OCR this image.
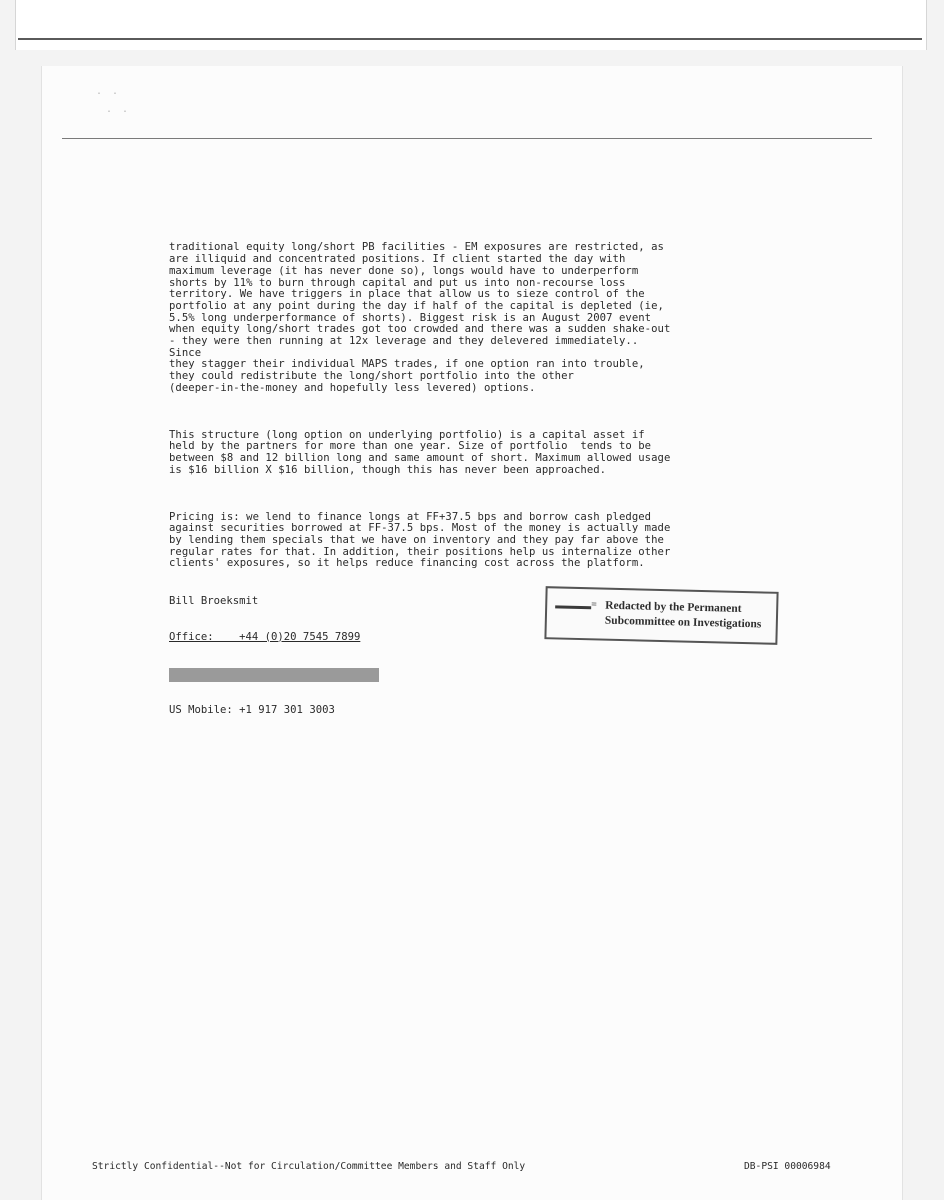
. .
. .

traditional equity long/short PB facilities - EM exposures are restricted, as
are illiquid and concentrated positions. If client started the day with
maximum leverage (it has never done so), longs would have to underperform
shorts by 11% to burn through capital and put us into non-recourse loss
territory. We have triggers in place that allow us to sieze control of the
portfolio at any point during the day if half of the capital is depleted (ie,
5.5% long underperformance of shorts). Biggest risk is an August 2007 event
when equity long/short trades got too crowded and there was a sudden shake-out
- they were then running at 12x leverage and they delevered immediately..
Since
they stagger their individual MAPS trades, if one option ran into trouble,
they could redistribute the long/short portfolio into the other
(deeper-in-the-money and hopefully less levered) options.

This structure (long option on underlying portfolio) is a capital asset if
held by the partners for more than one year. Size of portfolio  tends to be
between $8 and 12 billion long and same amount of short. Maximum allowed usage
is $16 billion X $16 billion, though this has never been approached.

Pricing is: we lend to finance longs at FF+37.5 bps and borrow cash pledged
against securities borrowed at FF-37.5 bps. Most of the money is actually made
by lending them specials that we have on inventory and they pay far above the
regular rates for that. In addition, their positions help us internalize other
clients' exposures, so it helps reduce financing cost across the platform.

Bill Broeksmit

Office:    +44 (0)20 7545 7899

US Mobile: +1 917 301 3003

= Redacted by the Permanent
Subcommittee on Investigations
Strictly Confidential--Not for Circulation/Committee Members and Staff Only	DB-PSI 00006984
